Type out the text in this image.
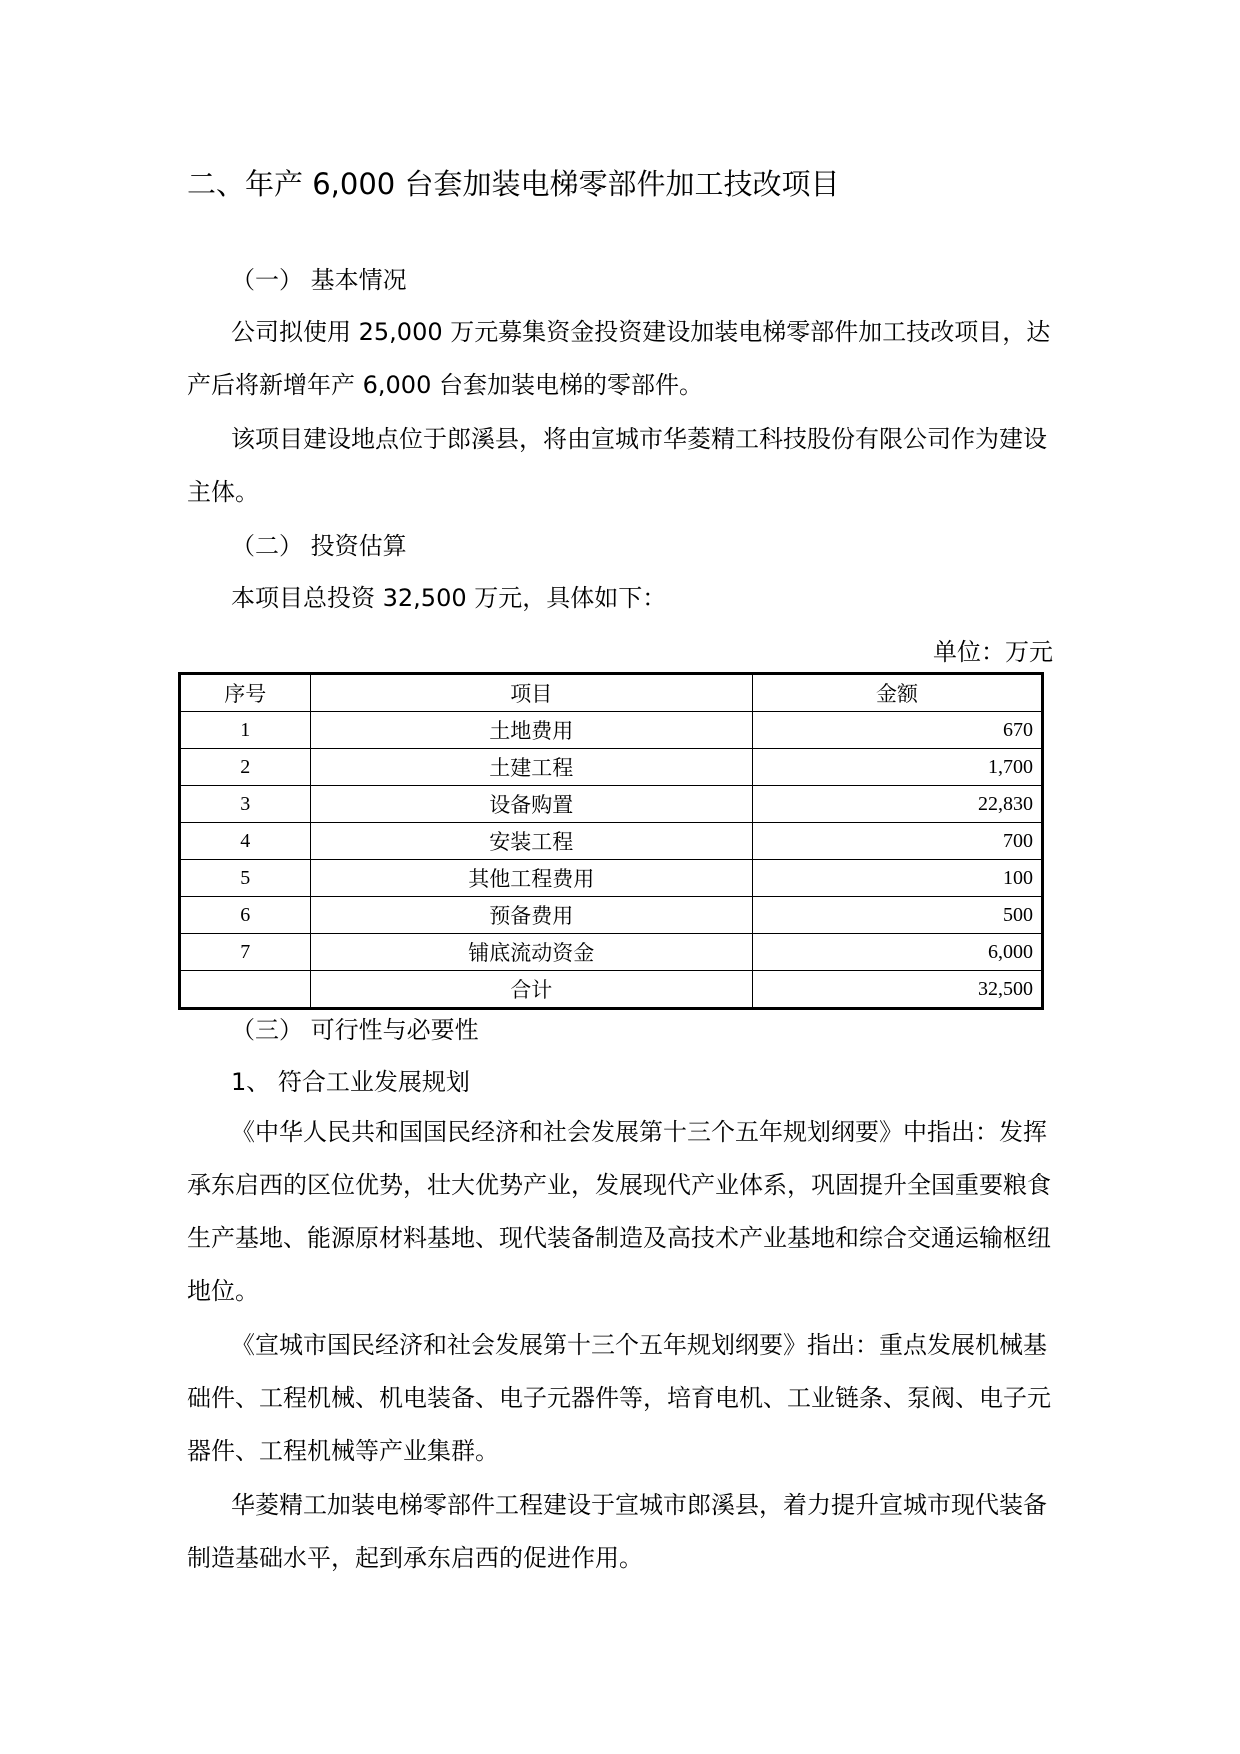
二、年产 6,000 台套加装电梯零部件加工技改项目
（一） 基本情况
公司拟使用 25,000 万元募集资金投资建设加装电梯零部件加工技改项目，达产后将新增年产 6,000 台套加装电梯的零部件。
该项目建设地点位于郎溪县，将由宣城市华菱精工科技股份有限公司作为建设主体。
（二） 投资估算
本项目总投资 32,500 万元，具体如下：
单位：万元
序号	项目	金额
1	土地费用	670
2	土建工程	1,700
3	设备购置	22,830
4	安装工程	700
5	其他工程费用	100
6	预备费用	500
7	铺底流动资金	6,000
	合计	32,500
（三） 可行性与必要性
1、 符合工业发展规划
《中华人民共和国国民经济和社会发展第十三个五年规划纲要》中指出：发挥承东启西的区位优势，壮大优势产业，发展现代产业体系，巩固提升全国重要粮食生产基地、能源原材料基地、现代装备制造及高技术产业基地和综合交通运输枢纽地位。
《宣城市国民经济和社会发展第十三个五年规划纲要》指出：重点发展机械基础件、工程机械、机电装备、电子元器件等，培育电机、工业链条、泵阀、电子元器件、工程机械等产业集群。
华菱精工加装电梯零部件工程建设于宣城市郎溪县，着力提升宣城市现代装备制造基础水平，起到承东启西的促进作用。
